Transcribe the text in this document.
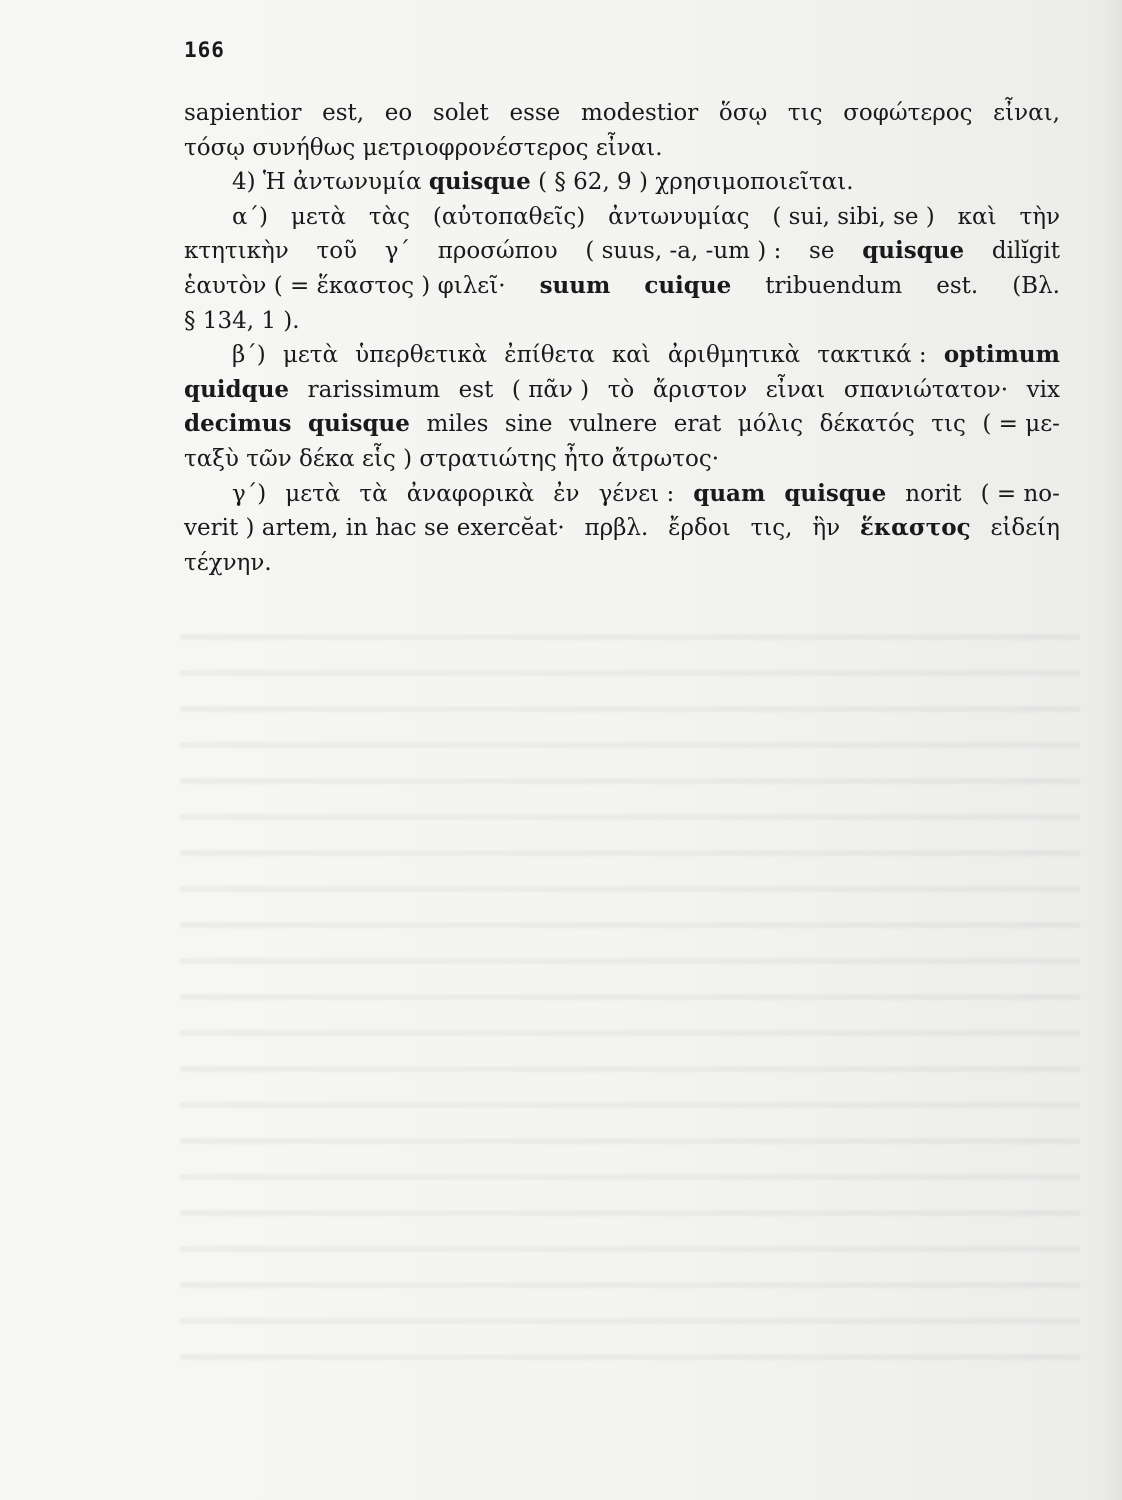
166
sapientior est, eo solet esse modestior ὅσῳ τις σοφώτερος εἶναι,
τόσῳ συνήθως μετριοφρονέστερος εἶναι.
4) Ἡ ἀντωνυμία quisque ( § 62, 9 ) χρησιμοποιεῖται.
α΄) μετὰ τὰς (αὐτοπαθεῖς) ἀντωνυμίας ( sui, sibi, se ) καὶ τὴν
κτητικὴν τοῦ γ΄ προσώπου ( suus, -a, -um ) : se quisque dilĭgit
ἑαυτὸν ( = ἕκαστος ) φιλεῖ· suum cuique tribuendum est. (Βλ.
§ 134, 1 ).
β΄) μετὰ ὑπερθετικὰ ἐπίθετα καὶ ἀριθμητικὰ τακτικά : optimum
quidque rarissimum est ( πᾶν ) τὸ ἄριστον εἶναι σπανιώτατον· vix
decimus quisque miles sine vulnere erat μόλις δέκατός τις ( = με-
ταξὺ τῶν δέκα εἷς ) στρατιώτης ἦτο ἄτρωτος·
γ΄) μετὰ τὰ ἀναφορικὰ ἐν γένει : quam quisque norit ( = no-
verit ) artem, in hac se exercĕat· πρβλ. ἔρδοι τις, ἣν ἕκαστος εἰδείη
τέχνην.
